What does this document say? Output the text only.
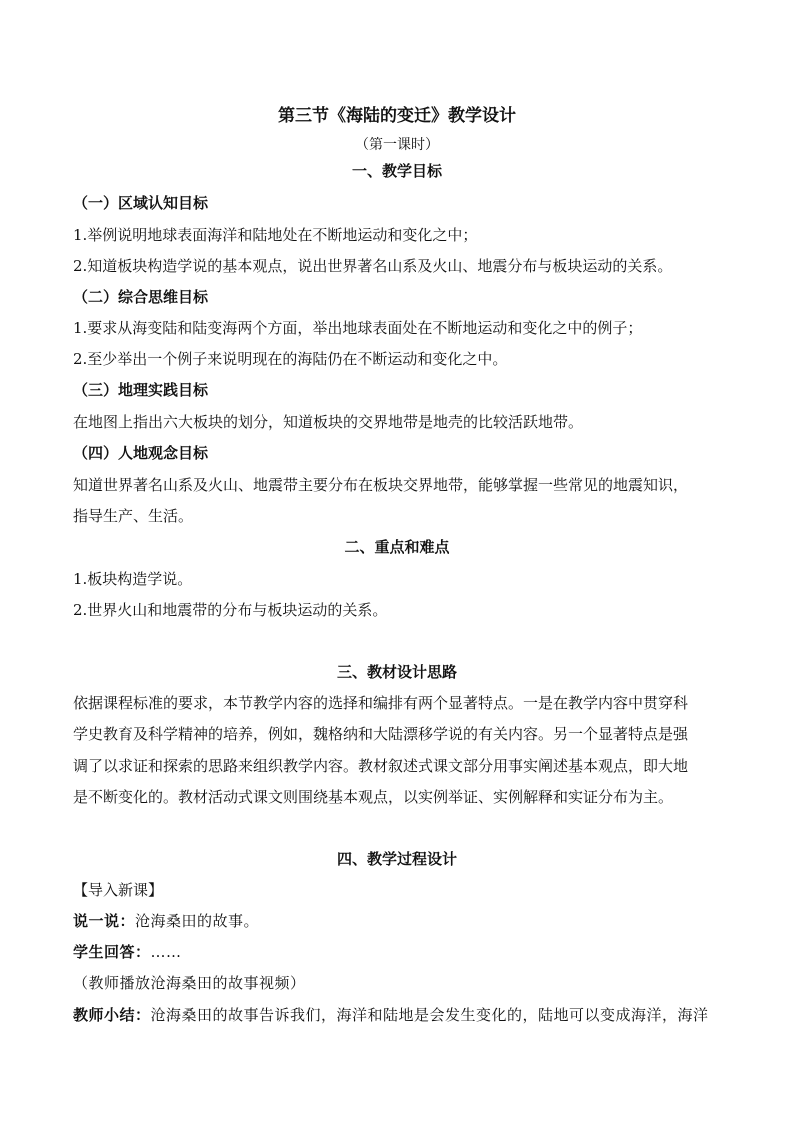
第三节《海陆的变迁》教学设计
（第一课时）
一、教学目标
（一）区域认知目标
1.举例说明地球表面海洋和陆地处在不断地运动和变化之中；
2.知道板块构造学说的基本观点，说出世界著名山系及火山、地震分布与板块运动的关系。
（二）综合思维目标
1.要求从海变陆和陆变海两个方面，举出地球表面处在不断地运动和变化之中的例子；
2.至少举出一个例子来说明现在的海陆仍在不断运动和变化之中。
（三）地理实践目标
在地图上指出六大板块的划分，知道板块的交界地带是地壳的比较活跃地带。
（四）人地观念目标
知道世界著名山系及火山、地震带主要分布在板块交界地带，能够掌握一些常见的地震知识，
指导生产、生活。
二、重点和难点
1.板块构造学说。
2.世界火山和地震带的分布与板块运动的关系。
三、教材设计思路
依据课程标准的要求，本节教学内容的选择和编排有两个显著特点。一是在教学内容中贯穿科
学史教育及科学精神的培养，例如，魏格纳和大陆漂移学说的有关内容。另一个显著特点是强
调了以求证和探索的思路来组织教学内容。教材叙述式课文部分用事实阐述基本观点，即大地
是不断变化的。教材活动式课文则围绕基本观点，以实例举证、实例解释和实证分布为主。
四、教学过程设计
【导入新课】
说一说：沧海桑田的故事。
学生回答：……
（教师播放沧海桑田的故事视频）
教师小结：沧海桑田的故事告诉我们，海洋和陆地是会发生变化的，陆地可以变成海洋，海洋
